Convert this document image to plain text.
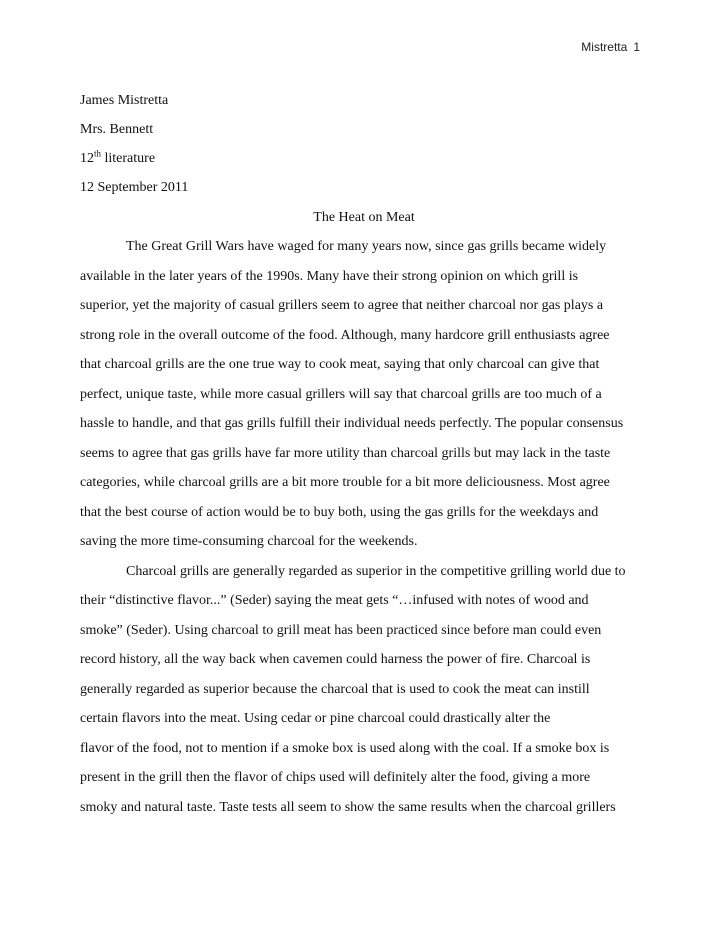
Mistretta 1
James Mistretta
Mrs. Bennett
12th literature
12 September 2011
The Heat on Meat
The Great Grill Wars have waged for many years now, since gas grills became widely
available in the later years of the 1990s. Many have their strong opinion on which grill is
superior, yet the majority of casual grillers seem to agree that neither charcoal nor gas plays a
strong role in the overall outcome of the food. Although, many hardcore grill enthusiasts agree
that charcoal grills are the one true way to cook meat, saying that only charcoal can give that
perfect, unique taste, while more casual grillers will say that charcoal grills are too much of a
hassle to handle, and that gas grills fulfill their individual needs perfectly. The popular consensus
seems to agree that gas grills have far more utility than charcoal grills but may lack in the taste
categories, while charcoal grills are a bit more trouble for a bit more deliciousness. Most agree
that the best course of action would be to buy both, using the gas grills for the weekdays and
saving the more time-consuming charcoal for the weekends.
Charcoal grills are generally regarded as superior in the competitive grilling world due to
their “distinctive flavor...” (Seder) saying the meat gets “…infused with notes of wood and
smoke” (Seder). Using charcoal to grill meat has been practiced since before man could even
record history, all the way back when cavemen could harness the power of fire. Charcoal is
generally regarded as superior because the charcoal that is used to cook the meat can instill
certain flavors into the meat. Using cedar or pine charcoal could drastically alter the
flavor of the food, not to mention if a smoke box is used along with the coal. If a smoke box is
present in the grill then the flavor of chips used will definitely alter the food, giving a more
smoky and natural taste. Taste tests all seem to show the same results when the charcoal grillers
